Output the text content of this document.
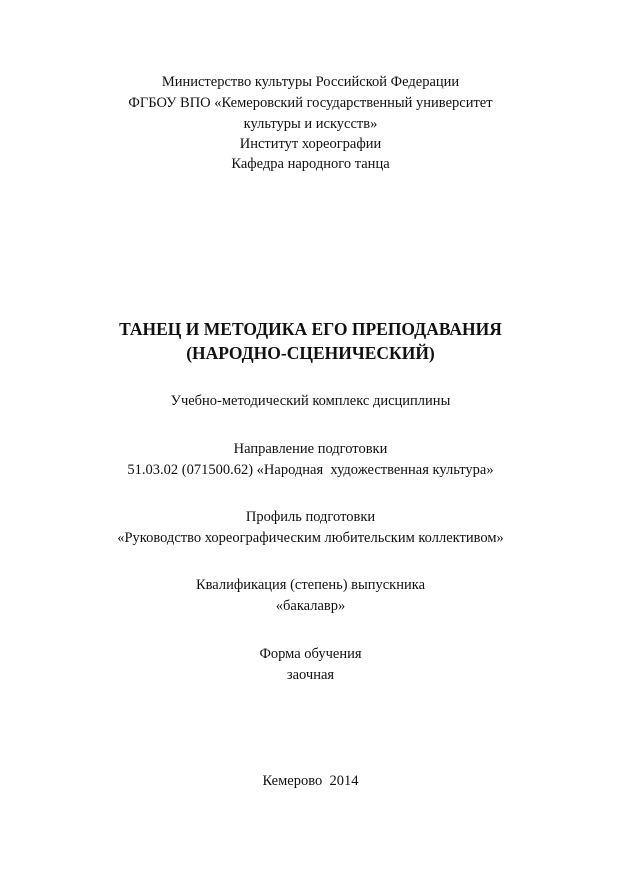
Министерство культуры Российской Федерации
ФГБОУ ВПО «Кемеровский государственный университет
культуры и искусств»
Институт хореографии
Кафедра народного танца
ТАНЕЦ И МЕТОДИКА ЕГО ПРЕПОДАВАНИЯ
(НАРОДНО-СЦЕНИЧЕСКИЙ)
Учебно-методический комплекс дисциплины
Направление подготовки
51.03.02 (071500.62) «Народная  художественная культура»
Профиль подготовки
«Руководство хореографическим любительским коллективом»
Квалификация (степень) выпускника
«бакалавр»
Форма обучения
заочная
Кемерово  2014
